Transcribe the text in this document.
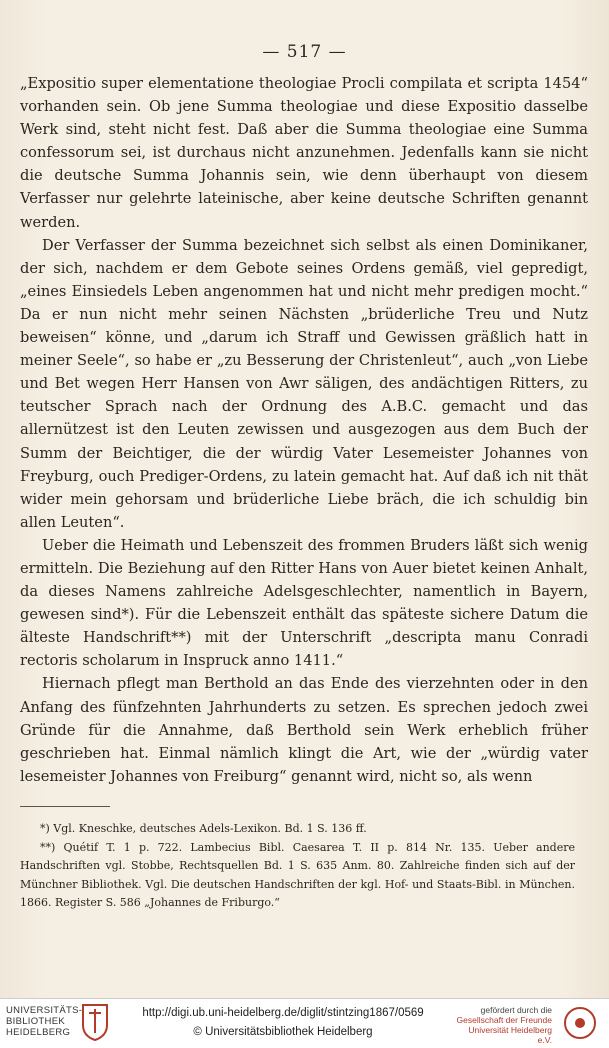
— 517 —

„Expositio super elementatione theologiae Procli compilata et scripta 1454“ vorhanden sein. Ob jene Summa theologiae und diese Expositio dasselbe Werk sind, steht nicht fest. Daß aber die Summa theologiae eine Summa confessorum sei, ist durchaus nicht anzunehmen. Jedenfalls kann sie nicht die deutsche Summa Johannis sein, wie denn überhaupt von diesem Verfasser nur gelehrte lateinische, aber keine deutsche Schriften genannt werden.

Der Verfasser der Summa bezeichnet sich selbst als einen Dominikaner, der sich, nachdem er dem Gebote seines Ordens gemäß, viel gepredigt, „eines Einsiedels Leben angenommen hat und nicht mehr predigen mocht.“ Da er nun nicht mehr seinen Nächsten „brüderliche Treu und Nutz beweisen“ könne, und „darum ich Straff und Gewissen gräßlich hatt in meiner Seele“, so habe er „zu Besserung der Christenleut“, auch „von Liebe und Bet wegen Herr Hansen von Awr säligen, des andächtigen Ritters, zu teutscher Sprach nach der Ordnung des A.B.C. gemacht und das allernützest ist den Leuten zewissen und ausgezogen aus dem Buch der Summ der Beichtiger, die der würdig Vater Lesemeister Johannes von Freyburg, ouch Prediger-Ordens, zu latein gemacht hat. Auf daß ich nit thät wider mein gehorsam und brüderliche Liebe bräch, die ich schuldig bin allen Leuten“.

Ueber die Heimath und Lebenszeit des frommen Bruders läßt sich wenig ermitteln. Die Beziehung auf den Ritter Hans von Auer bietet keinen Anhalt, da dieses Namens zahlreiche Adelsgeschlechter, namentlich in Bayern, gewesen sind*). Für die Lebenszeit enthält das späteste sichere Datum die älteste Handschrift**) mit der Unterschrift „descripta manu Conradi rectoris scholarum in Inspruck anno 1411.“

Hiernach pflegt man Berthold an das Ende des vierzehnten oder in den Anfang des fünfzehnten Jahrhunderts zu setzen. Es sprechen jedoch zwei Gründe für die Annahme, daß Berthold sein Werk erheblich früher geschrieben hat. Einmal nämlich klingt die Art, wie der „würdig vater lesemeister Johannes von Freiburg“ genannt wird, nicht so, als wenn

*) Vgl. Kneschke, deutsches Adels-Lexikon. Bd. 1 S. 136 ff.

**) Quétif T. 1 p. 722. Lambecius Bibl. Caesarea T. II p. 814 Nr. 135. Ueber andere Handschriften vgl. Stobbe, Rechtsquellen Bd. 1 S. 635 Anm. 80. Zahlreiche finden sich auf der Münchner Bibliothek. Vgl. Die deutschen Handschriften der kgl. Hof- und Staats-Bibl. in München. 1866. Register S. 586 „Johannes de Friburgo.“

UNIVERSITÄTS-
BIBLIOTHEK
HEIDELBERG
http://digi.ub.uni-heidelberg.de/diglit/stintzing1867/0569
© Universitätsbibliothek Heidelberg
gefördert durch die
Gesellschaft der Freunde
Universität Heidelberg e.V.
